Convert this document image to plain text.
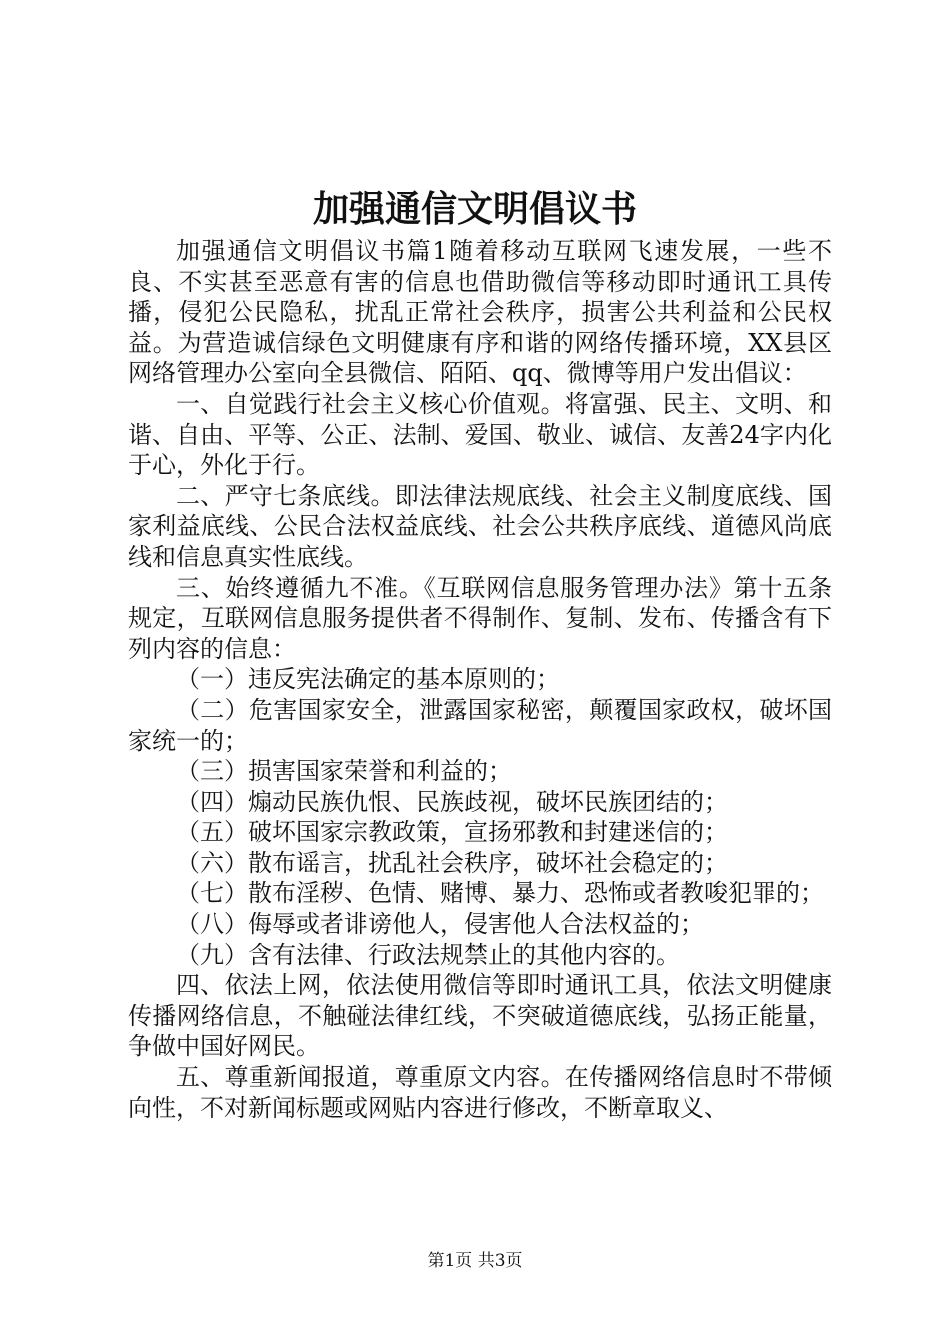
加强通信文明倡议书

加强通信文明倡议书篇1随着移动互联网飞速发展，一些不良、不实甚至恶意有害的信息也借助微信等移动即时通讯工具传播，侵犯公民隐私，扰乱正常社会秩序，损害公共利益和公民权益。为营造诚信绿色文明健康有序和谐的网络传播环境，XX县区网络管理办公室向全县微信、陌陌、qq、微博等用户发出倡议：

一、自觉践行社会主义核心价值观。将富强、民主、文明、和谐、自由、平等、公正、法制、爱国、敬业、诚信、友善24字内化于心，外化于行。

二、严守七条底线。即法律法规底线、社会主义制度底线、国家利益底线、公民合法权益底线、社会公共秩序底线、道德风尚底线和信息真实性底线。

三、始终遵循九不准。《互联网信息服务管理办法》第十五条规定，互联网信息服务提供者不得制作、复制、发布、传播含有下列内容的信息：

（一）违反宪法确定的基本原则的；

（二）危害国家安全，泄露国家秘密，颠覆国家政权，破坏国家统一的；

（三）损害国家荣誉和利益的；

（四）煽动民族仇恨、民族歧视，破坏民族团结的；

（五）破坏国家宗教政策，宣扬邪教和封建迷信的；

（六）散布谣言，扰乱社会秩序，破坏社会稳定的；

（七）散布淫秽、色情、赌博、暴力、恐怖或者教唆犯罪的；

（八）侮辱或者诽谤他人，侵害他人合法权益的；

（九）含有法律、行政法规禁止的其他内容的。

四、依法上网，依法使用微信等即时通讯工具，依法文明健康传播网络信息，不触碰法律红线，不突破道德底线，弘扬正能量，争做中国好网民。

五、尊重新闻报道，尊重原文内容。在传播网络信息时不带倾向性，不对新闻标题或网贴内容进行修改，不断章取义、

第1页 共3页
